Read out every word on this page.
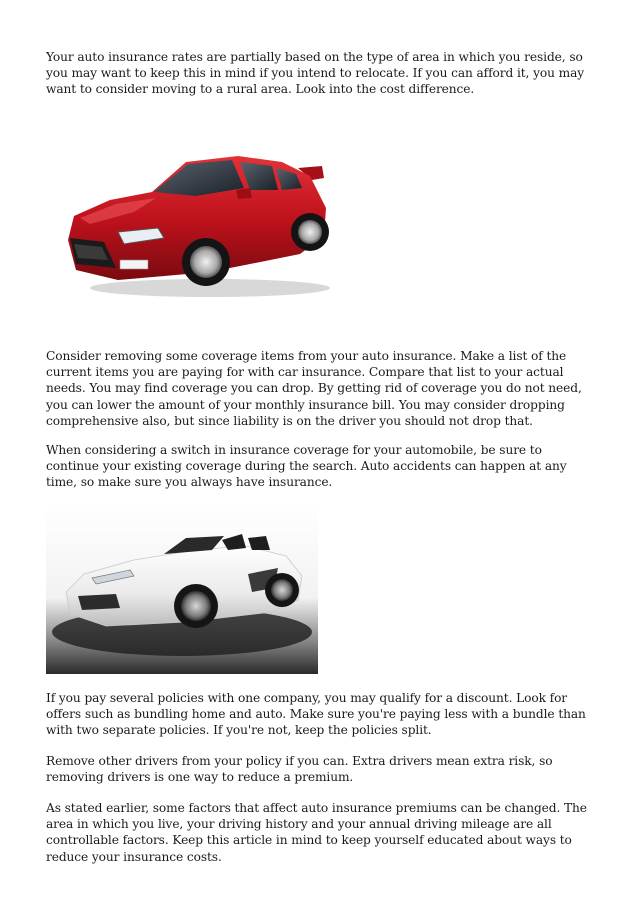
Your auto insurance rates are partially based on the type of area in which you reside, so you may want to keep this in mind if you intend to relocate. If you can afford it, you may want to consider moving to a rural area. Look into the cost difference.

Consider removing some coverage items from your auto insurance. Make a list of the current items you are paying for with car insurance. Compare that list to your actual needs. You may find coverage you can drop. By getting rid of coverage you do not need, you can lower the amount of your monthly insurance bill. You may consider dropping comprehensive also, but since liability is on the driver you should not drop that.

When considering a switch in insurance coverage for your automobile, be sure to continue your existing coverage during the search. Auto accidents can happen at any time, so make sure you always have insurance.

If you pay several policies with one company, you may qualify for a discount. Look for offers such as bundling home and auto. Make sure you're paying less with a bundle than with two separate policies. If you're not, keep the policies split.

Remove other drivers from your policy if you can. Extra drivers mean extra risk, so removing drivers is one way to reduce a premium.

As stated earlier, some factors that affect auto insurance premiums can be changed. The area in which you live, your driving history and your annual driving mileage are all controllable factors. Keep this article in mind to keep yourself educated about ways to reduce your insurance costs.
